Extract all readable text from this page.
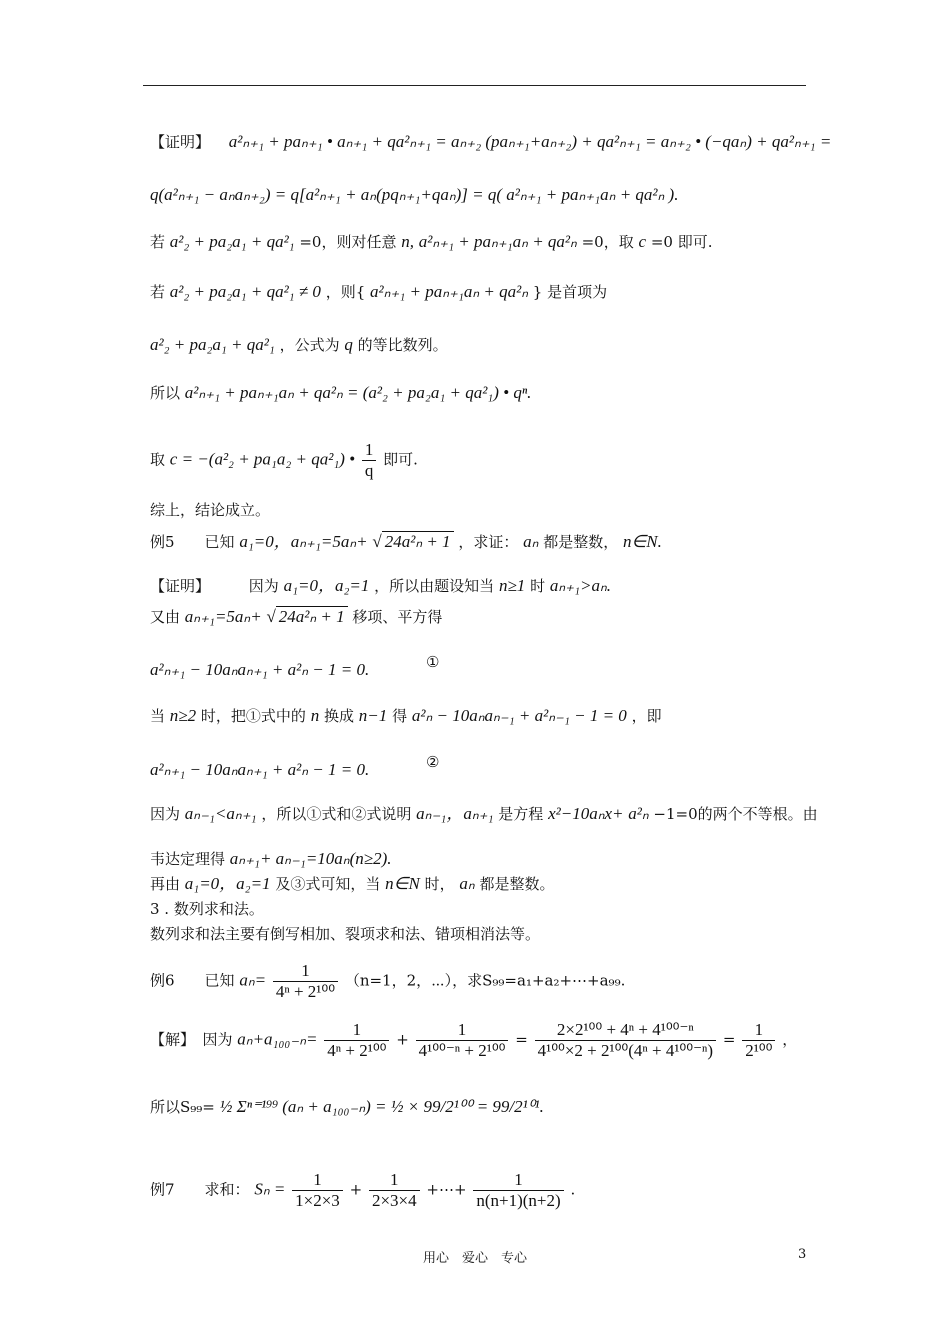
【证明】 a²ₙ₊₁ + paₙ₊₁ • aₙ₊₁ + qa²ₙ₊₁ = aₙ₊₂ (paₙ₊₁+aₙ₊₂) + qa²ₙ₊₁ = aₙ₊₂ • (−qaₙ) + qa²ₙ₊₁ =
q(a²ₙ₊₁ − aₙaₙ₊₂) = q[a²ₙ₊₁ + aₙ(pqₙ₊₁+qaₙ)] = q( a²ₙ₊₁ + paₙ₊₁aₙ + qa²ₙ ).
若 a²₂ + pa₂a₁ + qa²₁ =0，则对任意 n, a²ₙ₊₁ + paₙ₊₁aₙ + qa²ₙ =0，取 c =0 即可.
若 a²₂ + pa₂a₁ + qa²₁ ≠ 0 ，则{ a²ₙ₊₁ + paₙ₊₁aₙ + qa²ₙ } 是首项为
a²₂ + pa₂a₁ + qa²₁ ，公式为 q 的等比数列。
所以 a²ₙ₊₁ + paₙ₊₁aₙ + qa²ₙ = (a²₂ + pa₂a₁ + qa²₁) • qⁿ.
取 c = −(a²₂ + pa₁a₂ + qa²₁) • $\frac{1}{q}$ 即可.
综上，结论成立。
例5　　已知 a₁=0，aₙ₊₁=5aₙ+ √ 24a²ₙ + 1 ，求证： aₙ 都是整数， n∈N.
【证明】	因为 a₁=0，a₂=1 ，所以由题设知当 n≥1 时 aₙ₊₁>aₙ.
又由 aₙ₊₁=5aₙ+ √ 24a²ₙ + 1 移项、平方得
a²ₙ₊₁ − 10aₙaₙ₊₁ + a²ₙ − 1 = 0.	①
当 n≥2 时，把①式中的 n 换成 n−1 得 a²ₙ − 10aₙaₙ₋₁ + a²ₙ₋₁ − 1 = 0 ，即
a²ₙ₊₁ − 10aₙaₙ₊₁ + a²ₙ − 1 = 0.	②
因为 aₙ₋₁<aₙ₊₁ ，所以①式和②式说明 aₙ₋₁，aₙ₊₁ 是方程 x²−10aₙx+ a²ₙ −1=0的两个不等根。由
韦达定理得 aₙ₊₁+ aₙ₋₁=10aₙ(n≥2).
再由 a₁=0，a₂=1 及③式可知，当 n∈N 时， aₙ 都是整数。
3 . 数列求和法。
数列求和法主要有倒写相加、裂项求和法、错项相消法等。
例6　　已知 $a_n= \frac{1}{\text{4ⁿ + 2¹⁰⁰}} (n=1$，2，⋯），求S₉₉=a₁+a₂+⋯+a₉₉.
【解】　因为 $a_n+a_{100-n}= \frac{1}{\text{4ⁿ + 2¹⁰⁰}} + \frac{1}{\text{4¹⁰⁰⁻ⁿ + 2¹⁰⁰}} = \frac{\text{2×2¹⁰⁰ + 4ⁿ + 4¹⁰⁰⁻ⁿ}}{\text{4¹⁰⁰×2 + 2¹⁰⁰(4ⁿ + 4¹⁰⁰⁻ⁿ)}} = \frac{1}{\text{2¹⁰⁰}}$ ，
所以S₉₉= ½ Σⁿ⁼¹⁹⁹ (aₙ + a₁₀₀₋ₙ) = ½ × 99/2¹⁰⁰ = 99/2¹⁰¹.
例7　　求和： $S_n = \frac{1}{1\times 2\times 3} + \frac{1}{2\times 3\times 4}$ +⋯+ $\frac{1}{n(n+1)(n+2)}$ .
用心　爱心　专心	3
